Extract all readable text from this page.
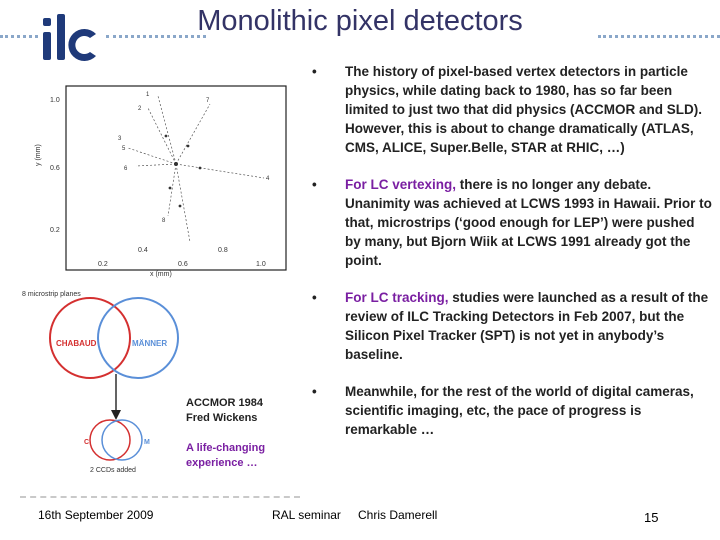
ilc
Monolithic pixel detectors
y (mm)
1.0
0.6
0.2
0.4	0.8
0.2	0.6	1.0
x (mm)
1
2
3
4
5
6
7
8
8 microstrip planes
CHABAUD	MÄNNER
C	M
2 CCDs added
ACCMOR 1984
Fred Wickens
A life-changing
experience …
• The history of pixel-based vertex detectors in particle physics, while dating back to 1980, has so far been limited to just two that did physics (ACCMOR and SLD). However, this is about to change dramatically (ATLAS, CMS, ALICE, Super.Belle, STAR at RHIC, …)
• For LC vertexing, there is no longer any debate. Unanimity was achieved at LCWS 1993 in Hawaii. Prior to that, microstrips (‘good enough for LEP’) were pushed by many, but Bjorn Wiik at LCWS 1991 already got the point.
• For LC tracking, studies were launched as a result of the review of ILC Tracking Detectors in Feb 2007, but the Silicon Pixel Tracker (SPT) is not yet in anybody’s baseline.
• Meanwhile, for the rest of the world of digital cameras, scientific imaging, etc, the pace of progress is remarkable …
16th September 2009	RAL seminar Chris Damerell	15
